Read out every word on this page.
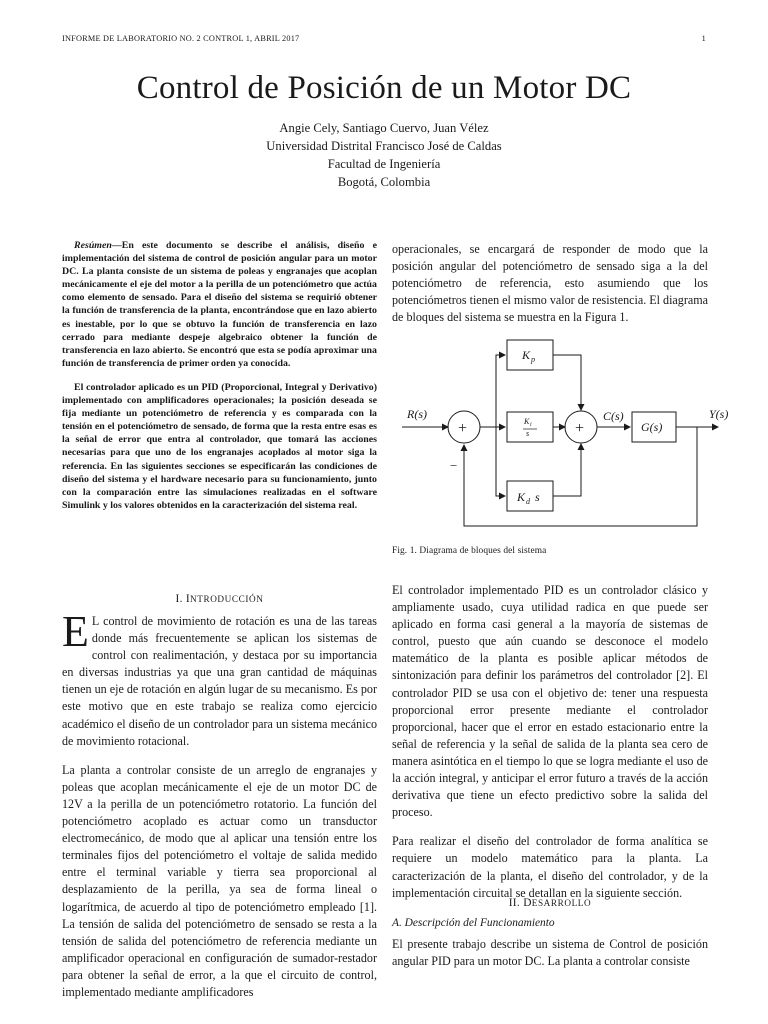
INFORME DE LABORATORIO NO. 2 CONTROL 1, ABRIL 2017	1
Control de Posición de un Motor DC
Angie Cely, Santiago Cuervo, Juan Vélez
Universidad Distrital Francisco José de Caldas
Facultad de Ingeniería
Bogotá, Colombia

Resúmen—En este documento se describe el análisis, diseño e implementación del sistema de control de posición angular para un motor DC. La planta consiste de un sistema de poleas y engranajes que acoplan mecánicamente el eje del motor a la perilla de un potenciómetro que actúa como elemento de sensado. Para el diseño del sistema se requirió obtener la función de transferencia de la planta, encontrándose que en lazo abierto es inestable, por lo que se obtuvo la función de transferencia en lazo cerrado para mediante despeje algebraico obtener la función de transferencia en lazo abierto. Se encontró que esta se podía aproximar una función de transferencia de primer orden ya conocida.

El controlador aplicado es un PID (Proporcional, Integral y Derivativo) implementado con amplificadores operacionales; la posición deseada se fija mediante un potenciómetro de referencia y es comparada con la tensión en el potenciómetro de sensado, de forma que la resta entre esas es la señal de error que entra al controlador, que tomará las acciones necesarias para que uno de los engranajes acoplados al motor siga la referencia. En las siguientes secciones se especificarán las condiciones de diseño del sistema y el hardware necesario para su funcionamiento, junto con la comparación entre las simulaciones realizadas en el software Simulink y los valores obtenidos en la caracterización del sistema real.

I. INTRODUCCIÓN

E L control de movimiento de rotación es una de las tareas donde más frecuentemente se aplican los sistemas de control con realimentación, y destaca por su importancia en diversas industrias ya que una gran cantidad de máquinas tienen un eje de rotación en algún lugar de su mecanismo. Es por este motivo que en este trabajo se realiza como ejercicio académico el diseño de un controlador para un sistema mecánico de movimiento rotacional.

La planta a controlar consiste de un arreglo de engranajes y poleas que acoplan mecánicamente el eje de un motor DC de 12V a la perilla de un potenciómetro rotatorio. La función del potenciómetro acoplado es actuar como un transductor electromecánico, de modo que al aplicar una tensión entre los terminales fijos del potenciómetro el voltaje de salida medido entre el terminal variable y tierra sea proporcional al desplazamiento de la perilla, ya sea de forma lineal o logarítmica, de acuerdo al tipo de potenciómetro empleado [1]. La tensión de salida del potenciómetro de sensado se resta a la tensión de salida del potenciómetro de referencia mediante un amplificador operacional en configuración de sumador-restador para obtener la señal de error, a la que el circuito de control, implementado mediante amplificadores

operacionales, se encargará de responder de modo que la posición angular del potenciómetro de sensado siga a la del potenciómetro de referencia, esto asumiendo que los potenciómetros tienen el mismo valor de resistencia. El diagrama de bloques del sistema se muestra en la Figura 1.

R(s)	Y(s)
C(s)
G(s)
K p
K i
s
K d s
+	+
−
Fig. 1. Diagrama de bloques del sistema

El controlador implementado PID es un controlador clásico y ampliamente usado, cuya utilidad radica en que puede ser aplicado en forma casi general a la mayoría de sistemas de control, puesto que aún cuando se desconoce el modelo matemático de la planta es posible aplicar métodos de sintonización para definir los parámetros del controlador [2]. El controlador PID se usa con el objetivo de: tener una respuesta proporcional error presente mediante el controlador proporcional, hacer que el error en estado estacionario entre la señal de referencia y la señal de salida de la planta sea cero de manera asintótica en el tiempo lo que se logra mediante el uso de la acción integral, y anticipar el error futuro a través de la acción derivativa que tiene un efecto predictivo sobre la salida del proceso.

Para realizar el diseño del controlador de forma analítica se requiere un modelo matemático para la planta. La caracterización de la planta, el diseño del controlador, y de la implementación circuital se detallan en la siguiente sección.

II. DESARROLLO
A. Descripción del Funcionamiento

El presente trabajo describe un sistema de Control de posición angular PID para un motor DC. La planta a controlar consiste
